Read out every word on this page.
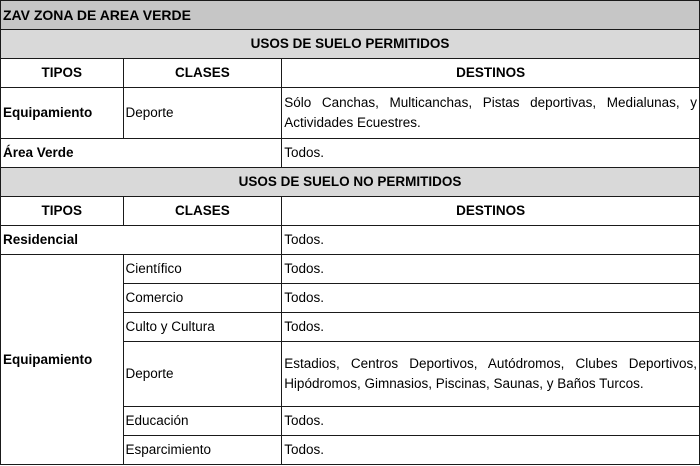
ZAV ZONA DE AREA VERDE		
USOS DE SUELO PERMITIDOS		
TIPOS	CLASES	DESTINOS
Equipamiento	Deporte	Sólo Canchas, Multicanchas, Pistas deportivas, Medialunas, y Actividades Ecuestres.
Área Verde		Todos.
USOS DE SUELO NO PERMITIDOS		
TIPOS	CLASES	DESTINOS
Residencial		Todos.
Equipamiento	Científico	Todos.
	Comercio	Todos.
	Culto y Cultura	Todos.
	Deporte	Estadios, Centros Deportivos, Autódromos, Clubes Deportivos, Hipódromos, Gimnasios, Piscinas, Saunas, y Baños Turcos.
	Educación	Todos.
	Esparcimiento	Todos.
